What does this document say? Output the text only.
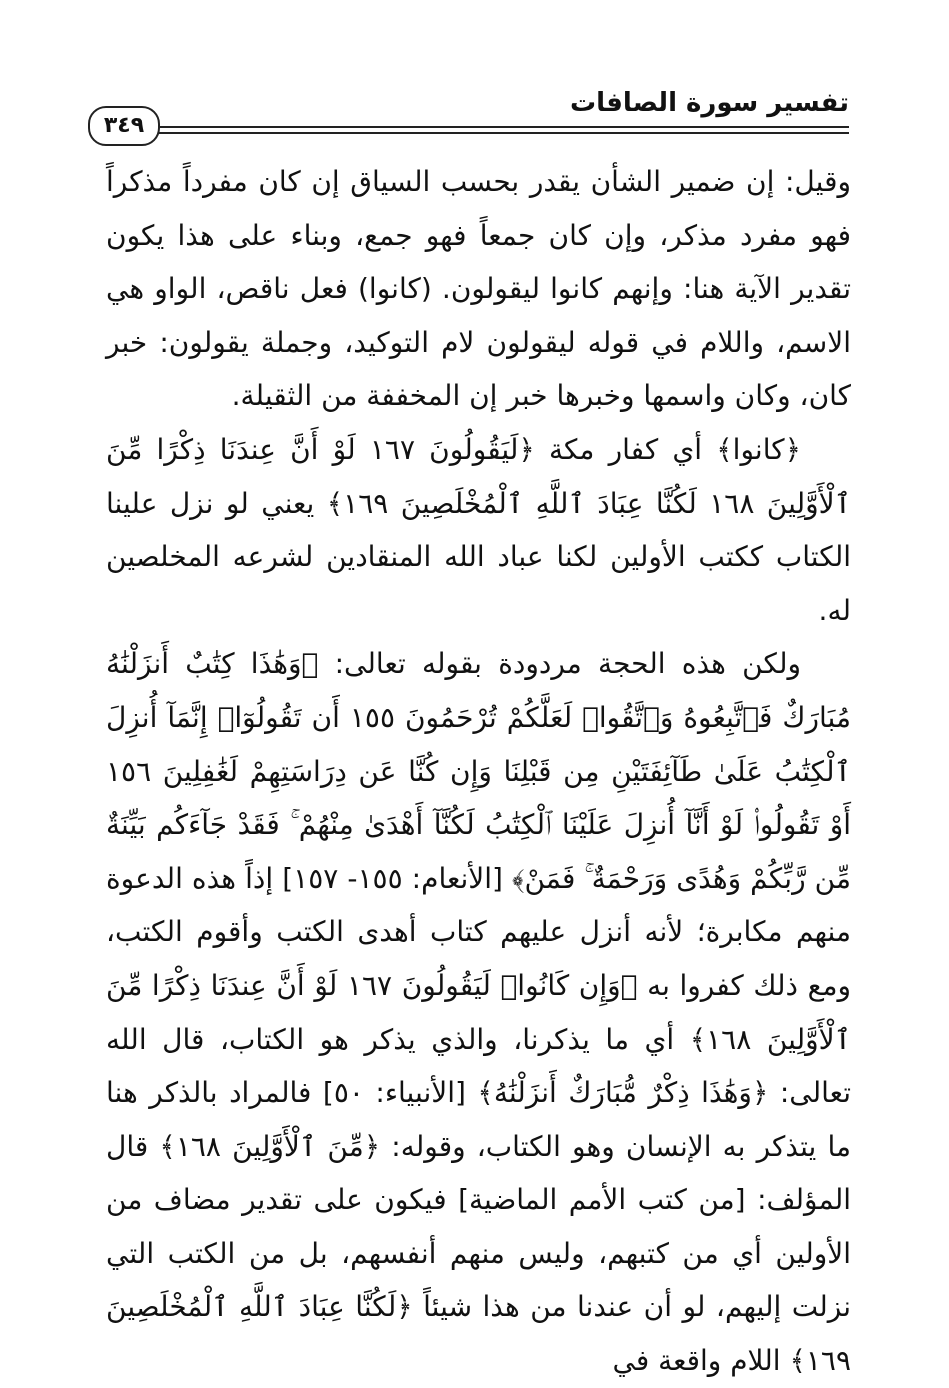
تفسير سورة الصافات
٣٤٩

وقيل: إن ضمير الشأن يقدر بحسب السياق إن كان مفرداً مذكراً فهو مفرد مذكر، وإن كان جمعاً فهو جمع، وبناء على هذا يكون تقدير الآية هنا: وإنهم كانوا ليقولون. (كانوا) فعل ناقص، الواو هي الاسم، واللام في قوله ليقولون لام التوكيد، وجملة يقولون: خبر كان، وكان واسمها وخبرها خبر إن المخففة من الثقيلة.

﴿كانوا﴾ أي كفار مكة ﴿لَيَقُولُونَ ١٦٧ لَوْ أَنَّ عِندَنَا ذِكْرًا مِّنَ ٱلْأَوَّلِينَ ١٦٨ لَكُنَّا عِبَادَ ٱللَّهِ ٱلْمُخْلَصِينَ ١٦٩﴾ يعني لو نزل علينا الكتاب ككتب الأولين لكنا عباد الله المنقادين لشرعه المخلصين له.

ولكن هذه الحجة مردودة بقوله تعالى: ﴿وَهَٰذَا كِتَٰبٌ أَنزَلْنَٰهُ مُبَارَكٌ فَٱتَّبِعُوهُ وَٱتَّقُوا۟ لَعَلَّكُمْ تُرْحَمُونَ ١٥٥ أَن تَقُولُوٓا۟ إِنَّمَآ أُنزِلَ ٱلْكِتَٰبُ عَلَىٰ طَآئِفَتَيْنِ مِن قَبْلِنَا وَإِن كُنَّا عَن دِرَاسَتِهِمْ لَغَٰفِلِينَ ١٥٦ أَوْ تَقُولُوا۟ لَوْ أَنَّآ أُنزِلَ عَلَيْنَا ٱلْكِتَٰبُ لَكُنَّآ أَهْدَىٰ مِنْهُمْ ۚ فَقَدْ جَآءَكُم بَيِّنَةٌ مِّن رَّبِّكُمْ وَهُدًى وَرَحْمَةٌ ۚ فَمَنْ﴾ [الأنعام: ١٥٥- ١٥٧] إذاً هذه الدعوة منهم مكابرة؛ لأنه أنزل عليهم كتاب أهدى الكتب وأقوم الكتب، ومع ذلك كفروا به ﴿وَإِن كَانُوا۟ لَيَقُولُونَ ١٦٧ لَوْ أَنَّ عِندَنَا ذِكْرًا مِّنَ ٱلْأَوَّلِينَ ١٦٨﴾ أي ما يذكرنا، والذي يذكر هو الكتاب، قال الله تعالى: ﴿وَهَٰذَا ذِكْرٌ مُّبَارَكٌ أَنزَلْنَٰهُ﴾ [الأنبياء: ٥٠] فالمراد بالذكر هنا ما يتذكر به الإنسان وهو الكتاب، وقوله: ﴿مِّنَ ٱلْأَوَّلِينَ ١٦٨﴾ قال المؤلف: [من كتب الأمم الماضية] فيكون على تقدير مضاف من الأولين أي من كتبهم، وليس منهم أنفسهم، بل من الكتب التي نزلت إليهم، لو أن عندنا من هذا شيئاً ﴿لَكُنَّا عِبَادَ ٱللَّهِ ٱلْمُخْلَصِينَ ١٦٩﴾ اللام واقعة في
